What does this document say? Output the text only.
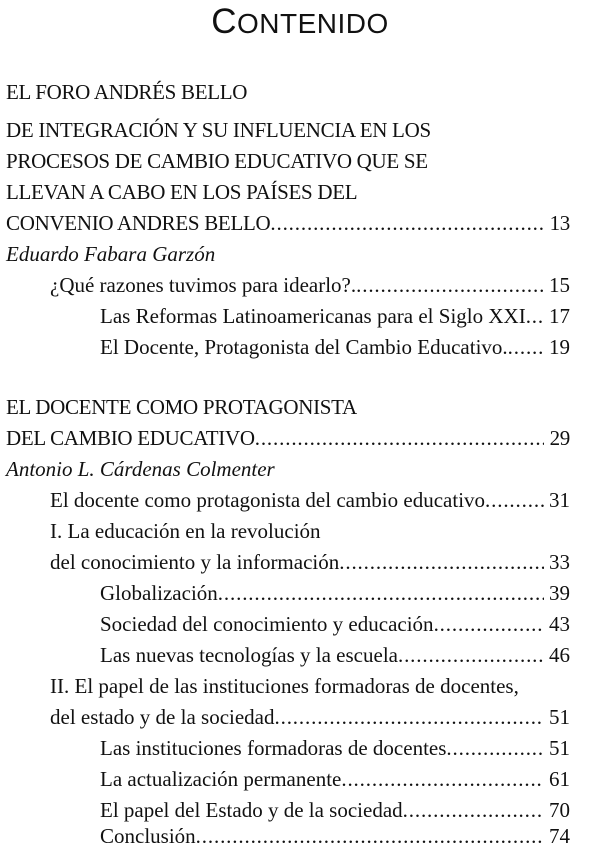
CONTENIDO
EL FORO ANDRÉS BELLO
DE INTEGRACIÓN Y SU INFLUENCIA EN LOS
PROCESOS DE CAMBIO EDUCATIVO QUE SE
LLEVAN A CABO EN LOS PAÍSES DEL
CONVENIO ANDRES BELLO . . .	13
Eduardo Fabara Garzón
¿Qué razones tuvimos para idearlo?. . . .	15
Las Reformas Latinoamericanas para el Siglo XXI . . . 17
El Docente, Protagonista del Cambio Educativo. . . . 19
EL DOCENTE COMO PROTAGONISTA
DEL CAMBIO EDUCATIVO . . .	29
Antonio L. Cárdenas Colmenter
El docente como protagonista del cambio educativo . . .	31
I. La educación en la revolución
del conocimiento y la información . . .	33
Globalización . . .	39
Sociedad del conocimiento y educación . . .	43
Las nuevas tecnologías y la escuela . . .	46
II. El papel de las instituciones formadoras de docentes,
del estado y de la sociedad . . .	51
Las instituciones formadoras de docentes . . .	51
La actualización permanente . . .	61
El papel del Estado y de la sociedad . . .	70
Conclusión . . .	74
